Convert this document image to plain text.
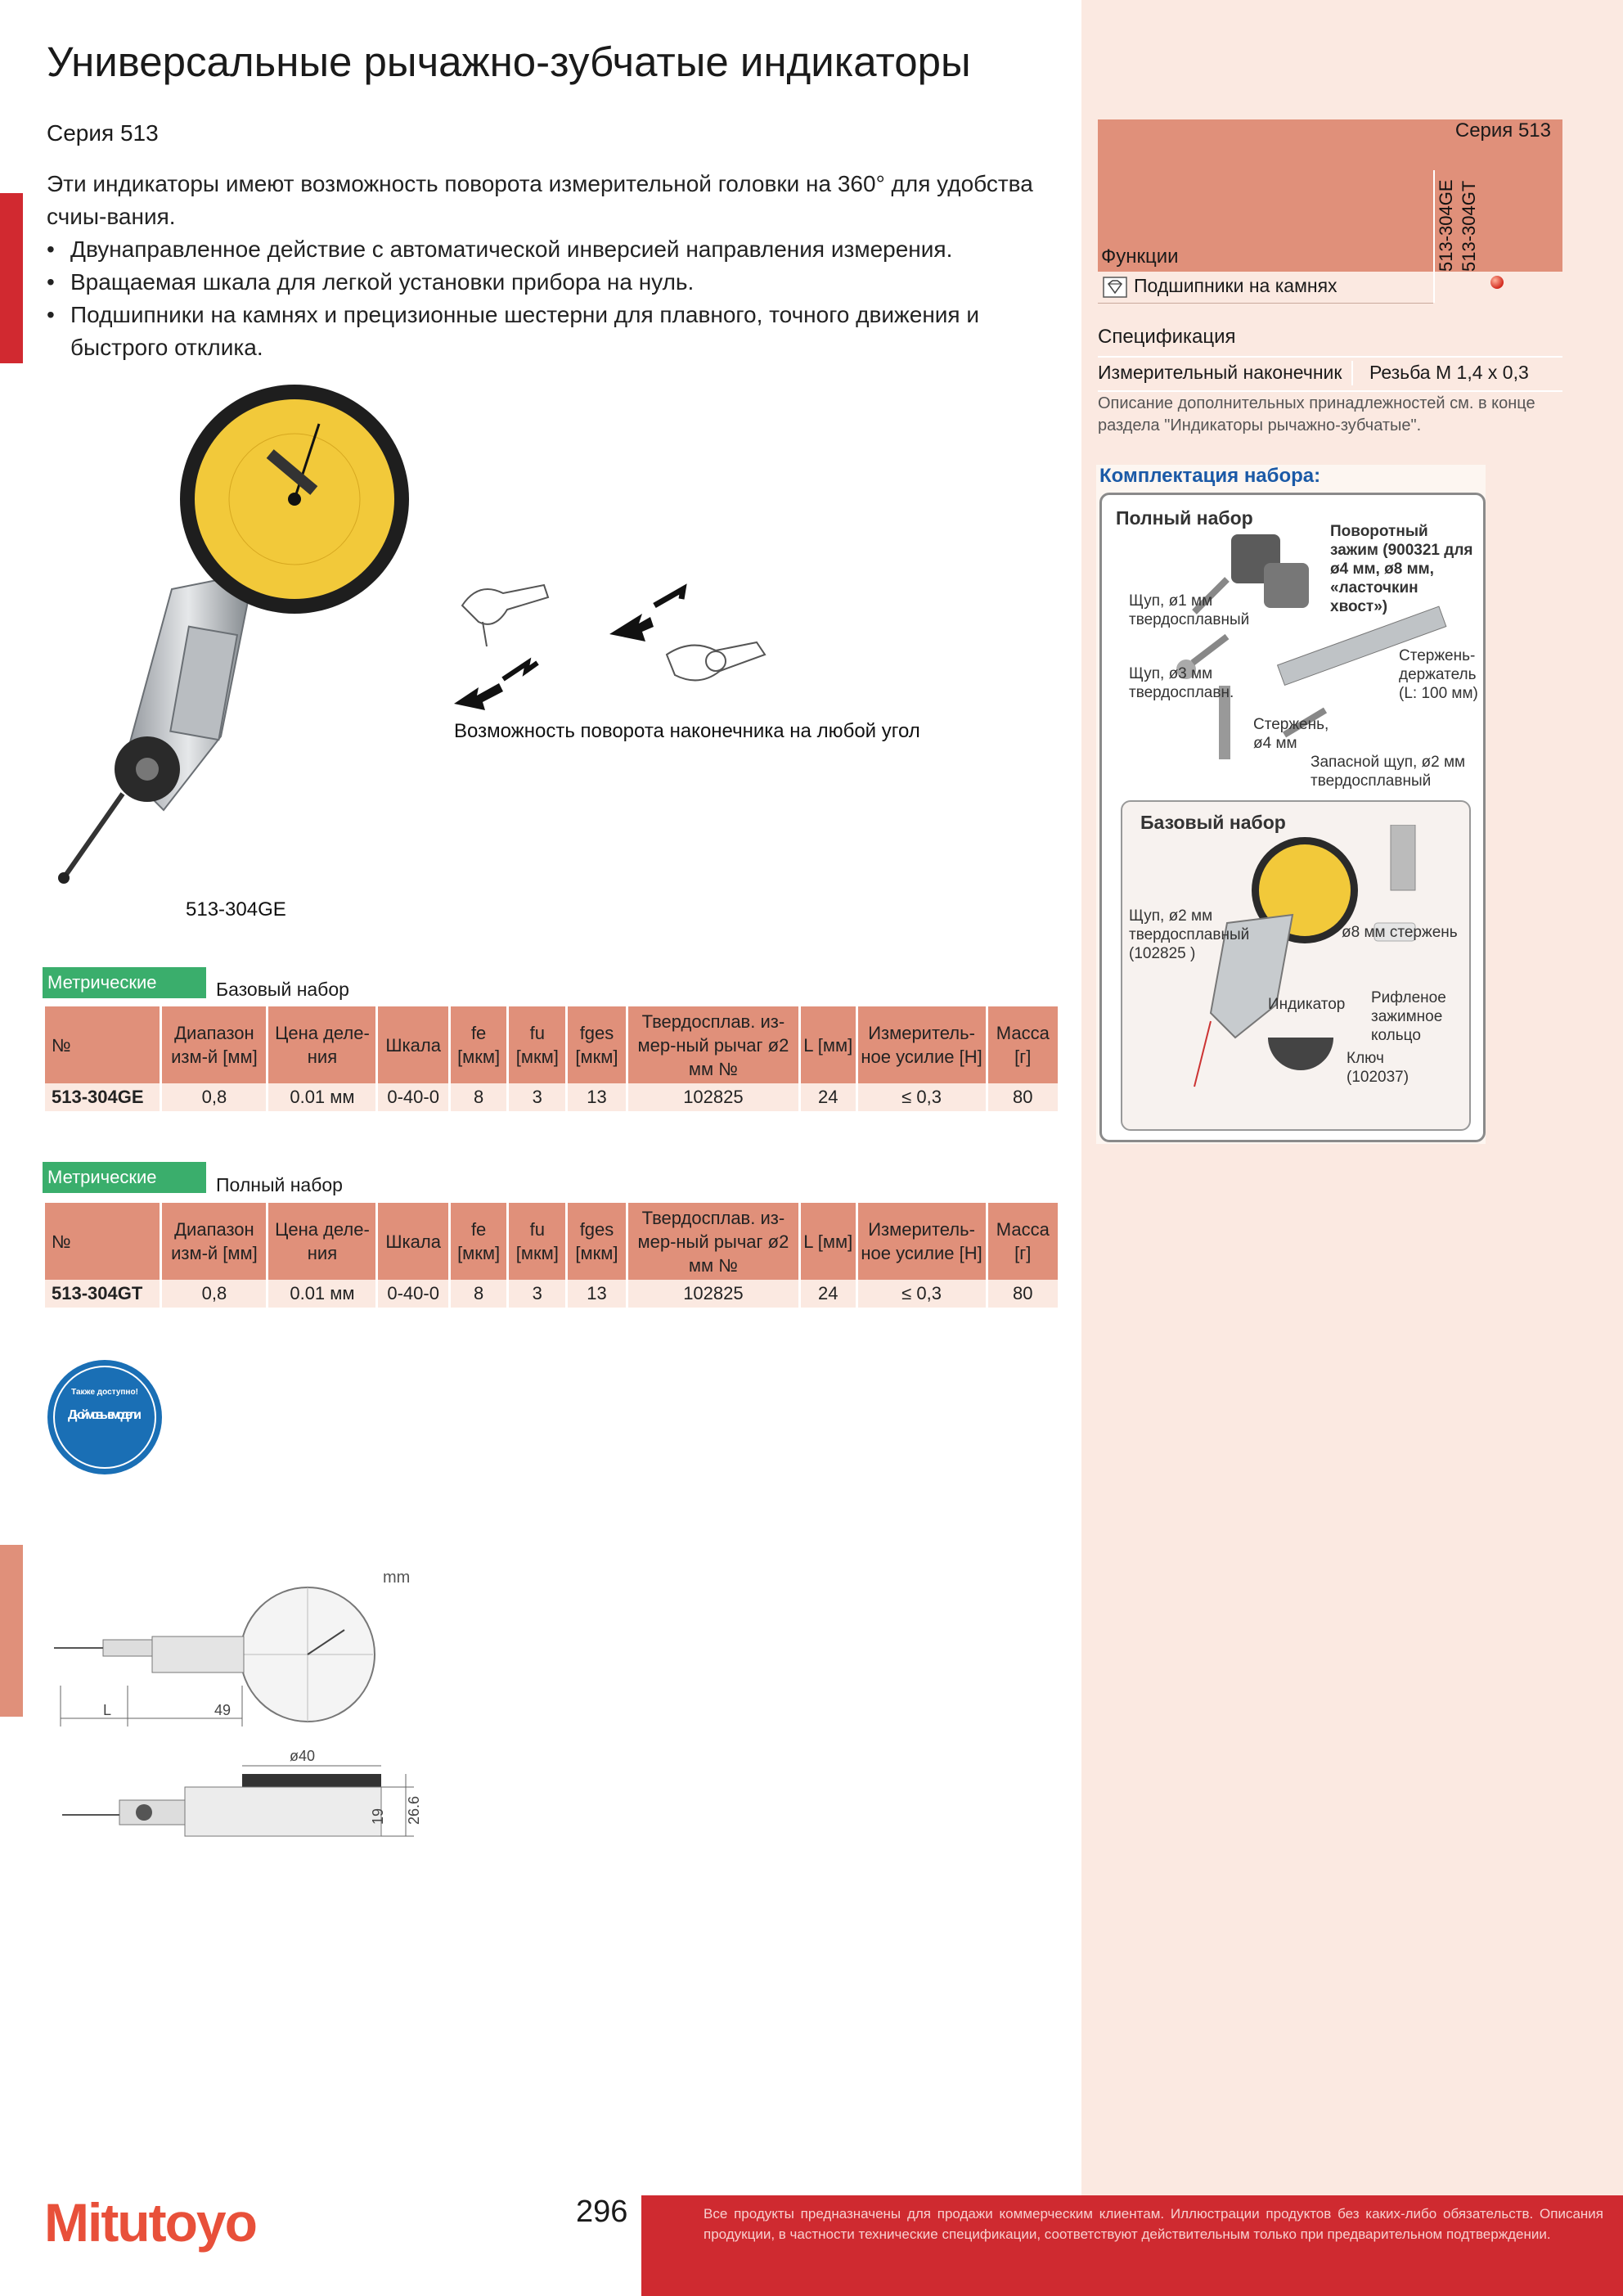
Универсальные рычажно-зубчатые индикаторы
Серия 513
Эти индикаторы имеют возможность поворота измерительной головки на 360° для удобства счиы-вания.
• Двунаправленное действие с автоматической инверсией направления измерения.
• Вращаемая шкала для легкой установки прибора на нуль.
• Подшипники на камнях и прецизионные шестерни для плавного, точного движения и быстрого отклика.
513-304GE
Возможность поворота наконечника на любой угол
Серия 513
Функции	513-304GE 513-304GT
Подшипники на камнях
Спецификация
Измерительный наконечник Резьба М 1,4 x 0,3
Описание дополнительных принадлежностей см. в конце раздела "Индикаторы рычажно-зубчатые".
Комплектация набора:
Полный набор
Поворотный зажим (900321 для ø4 мм, ø8 мм, «ласточкин хвост»)
Щуп, ø1 мм твердосплавный
Щуп, ø3 мм твердосплавн.
Стержень-держатель (L: 100 мм)
Стержень, ø4 мм
Запасной щуп, ø2 мм твердосплавный
Базовый набор
Щуп, ø2 мм твердосплавный (102825 )
ø8 мм стержень
Индикатор	Рифленое зажимное кольцо
Ключ (102037)
Метрические	Базовый набор
№	Диапазон изм-й [мм]	Цена деле-ния	Шкала	fe [мкм]	fu [мкм]	fges [мкм]	Твердосплав. из-мер-ный рычаг ø2 мм №	L [мм]	Измеритель-ное усилие [Н]	Масса [г]
513-304GE	0,8	0.01 мм	0-40-0	8	3	13	102825	24	≤ 0,3	80
Метрические	Полный набор
№	Диапазон изм-й [мм]	Цена деле-ния	Шкала	fe [мкм]	fu [мкм]	fges [мкм]	Твердосплав. из-мер-ный рычаг ø2 мм №	L [мм]	Измеритель-ное усилие [Н]	Масса [г]
513-304GT	0,8	0.01 мм	0-40-0	8	3	13	102825	24	≤ 0,3	80
Также доступно!
Дюймовые модели
mm
L	49
ø40
19 26.6
Mitutoyo	296	Все продукты предназначены для продажи коммерческим клиентам. Иллюстрации продуктов без каких-либо обязательств. Описания продукции, в частности технические спецификации, соответствуют действительным только при предварительном подтверждении.
